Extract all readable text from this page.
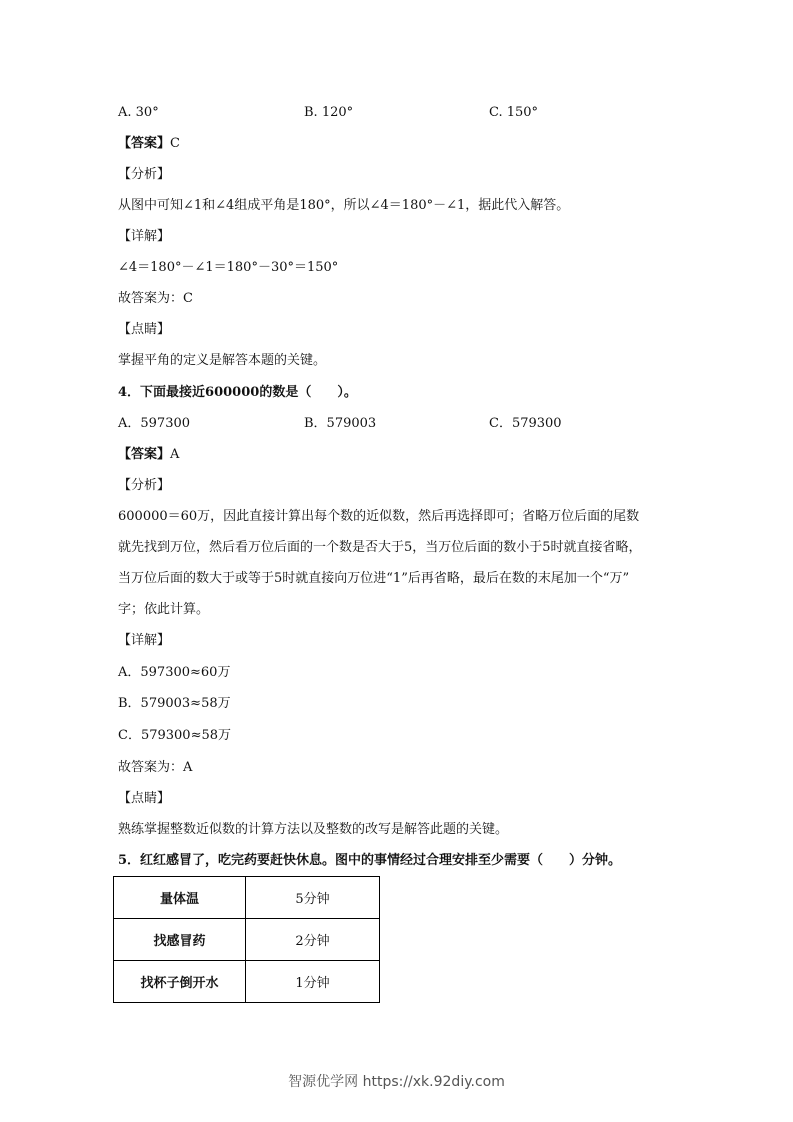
A. 30°	B. 120°	C. 150°
【答案】C
【分析】
从图中可知∠1和∠4组成平角是180°，所以∠4＝180°－∠1，据此代入解答。
【详解】
∠4＝180°－∠1＝180°－30°＝150°
故答案为：C
【点睛】
掌握平角的定义是解答本题的关键。
4．下面最接近600000的数是（　　）。
A．597300	B．579003	C．579300
【答案】A
【分析】
600000＝60万，因此直接计算出每个数的近似数，然后再选择即可；省略万位后面的尾数
就先找到万位，然后看万位后面的一个数是否大于5，当万位后面的数小于5时就直接省略，
当万位后面的数大于或等于5时就直接向万位进“1”后再省略，最后在数的末尾加一个“万”
字；依此计算。
【详解】
A．597300≈60万
B．579003≈58万
C．579300≈58万
故答案为：A
【点睛】
熟练掌握整数近似数的计算方法以及整数的改写是解答此题的关键。
5．红红感冒了，吃完药要赶快休息。图中的事情经过合理安排至少需要（　　）分钟。
量体温	5分钟
找感冒药	2分钟
找杯子倒开水	1分钟
智源优学网 https://xk.92diy.com
